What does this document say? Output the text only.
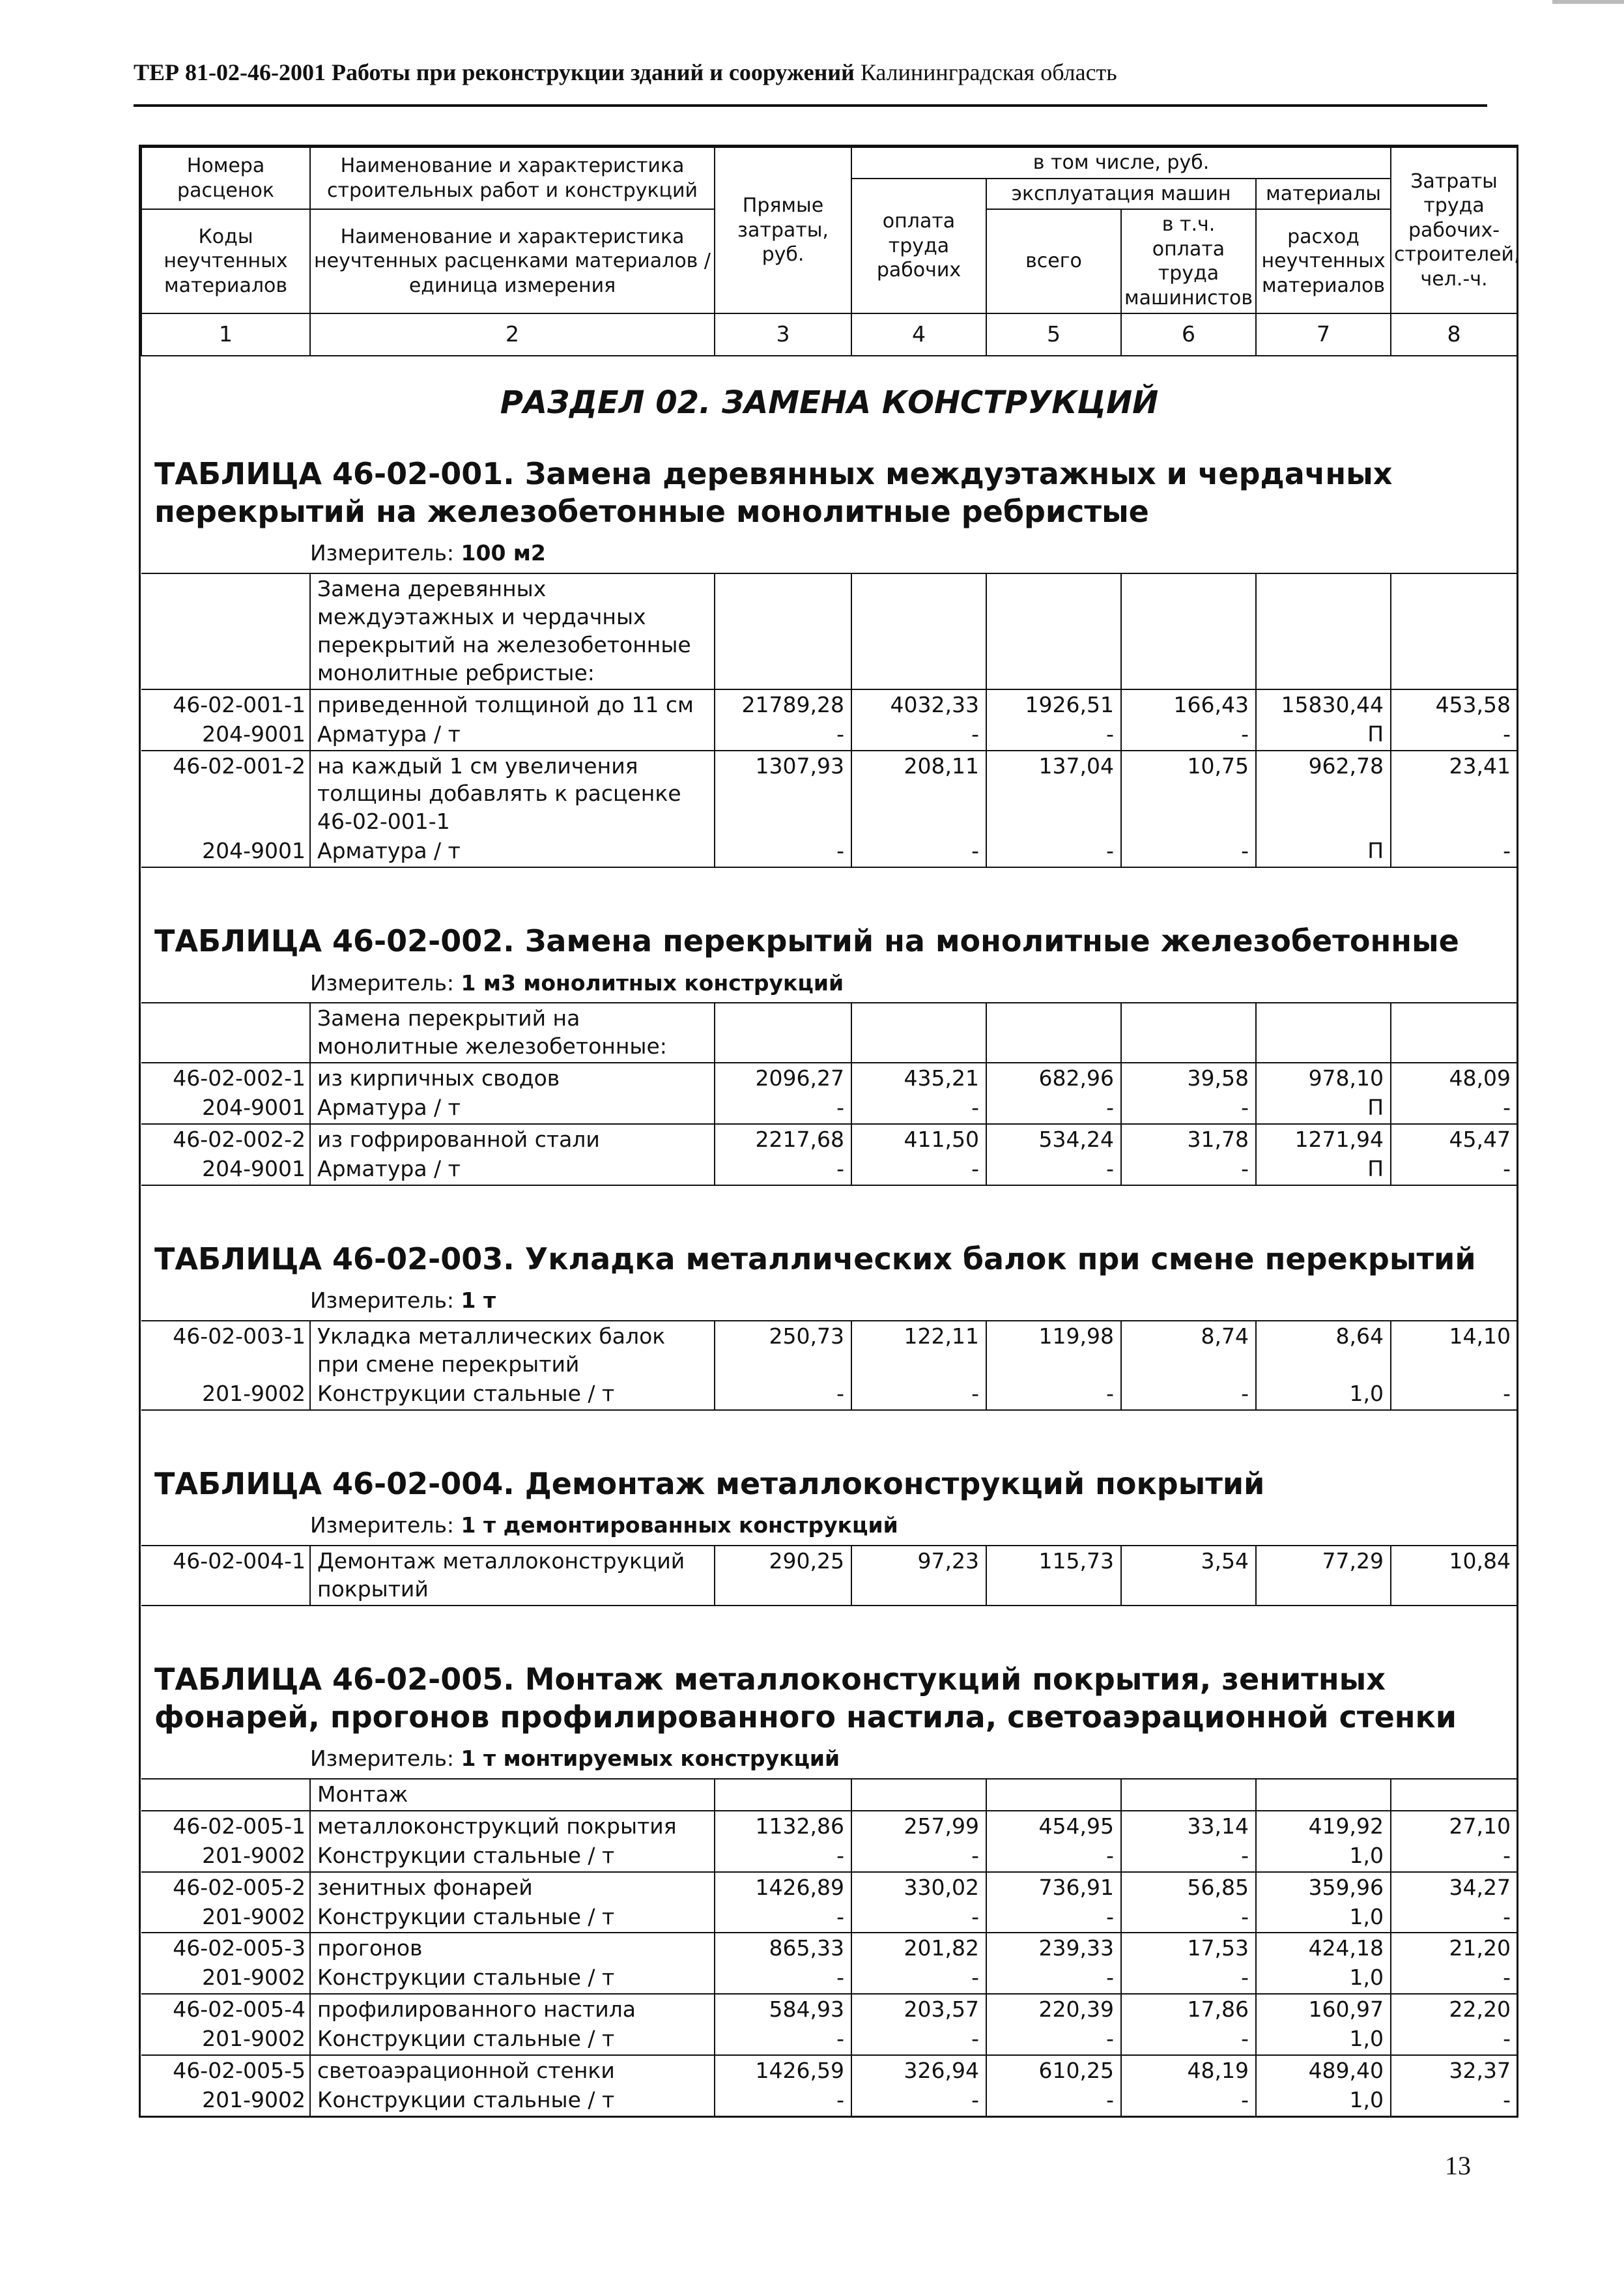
ТЕР 81-02-46-2001 Работы при реконструкции зданий и сооружений Калининградская область
Номера расценок	Наименование и характеристика строительных работ и конструкций	Прямые затраты, руб.	в том числе, руб.				Затраты труда рабочих-строителей, чел.-ч.
			оплата труда рабочих	эксплуатация машин		материалы	
Коды неучтенных материалов	Наименование и характеристика неучтенных расценками материалов / единица измерения			всего	в т.ч. оплата труда машинистов	расход неучтенных материалов	

1	2	3	4	5	6	7	8
РАЗДЕЛ 02. ЗАМЕНА КОНСТРУКЦИЙ							
ТАБЛИЦА 46-02-001. Замена деревянных междуэтажных и чердачных перекрытий на железобетонные монолитные ребристые							
	Измеритель: 100 м2						
	Замена деревянных междуэтажных и чердачных перекрытий на железобетонные монолитные ребристые:						
46-02-001-1	приведенной толщиной до 11 см	21789,28	4032,33	1926,51	166,43	15830,44	453,58
204-9001	Арматура / т	-	-	-	-	П	-
46-02-001-2	на каждый 1 см увеличения толщины добавлять к расценке 46-02-001-1	1307,93	208,11	137,04	10,75	962,78	23,41
204-9001	Арматура / т	-	-	-	-	П	-

ТАБЛИЦА 46-02-002. Замена перекрытий на монолитные железобетонные							
	Измеритель: 1 м3 монолитных конструкций						
	Замена перекрытий на монолитные железобетонные:						
46-02-002-1	из кирпичных сводов	2096,27	435,21	682,96	39,58	978,10	48,09
204-9001	Арматура / т	-	-	-	-	П	-
46-02-002-2	из гофрированной стали	2217,68	411,50	534,24	31,78	1271,94	45,47
204-9001	Арматура / т	-	-	-	-	П	-

ТАБЛИЦА 46-02-003. Укладка металлических балок при смене перекрытий							
	Измеритель: 1 т						
46-02-003-1	Укладка металлических балок при смене перекрытий	250,73	122,11	119,98	8,74	8,64	14,10
201-9002	Конструкции стальные / т	-	-	-	-	1,0	-

ТАБЛИЦА 46-02-004. Демонтаж металлоконструкций покрытий							
	Измеритель: 1 т демонтированных конструкций						
46-02-004-1	Демонтаж металлоконструкций покрытий	290,25	97,23	115,73	3,54	77,29	10,84

ТАБЛИЦА 46-02-005. Монтаж металлоконстукций покрытия, зенитных фонарей, прогонов профилированного настила, светоаэрационной стенки							
	Измеритель: 1 т монтируемых конструкций						
	Монтаж						
46-02-005-1	металлоконструкций покрытия	1132,86	257,99	454,95	33,14	419,92	27,10
201-9002	Конструкции стальные / т	-	-	-	-	1,0	-
46-02-005-2	зенитных фонарей	1426,89	330,02	736,91	56,85	359,96	34,27
201-9002	Конструкции стальные / т	-	-	-	-	1,0	-
46-02-005-3	прогонов	865,33	201,82	239,33	17,53	424,18	21,20
201-9002	Конструкции стальные / т	-	-	-	-	1,0	-
46-02-005-4	профилированного настила	584,93	203,57	220,39	17,86	160,97	22,20
201-9002	Конструкции стальные / т	-	-	-	-	1,0	-
46-02-005-5	светоаэрационной стенки	1426,59	326,94	610,25	48,19	489,40	32,37
201-9002	Конструкции стальные / т	-	-	-	-	1,0	-
13
